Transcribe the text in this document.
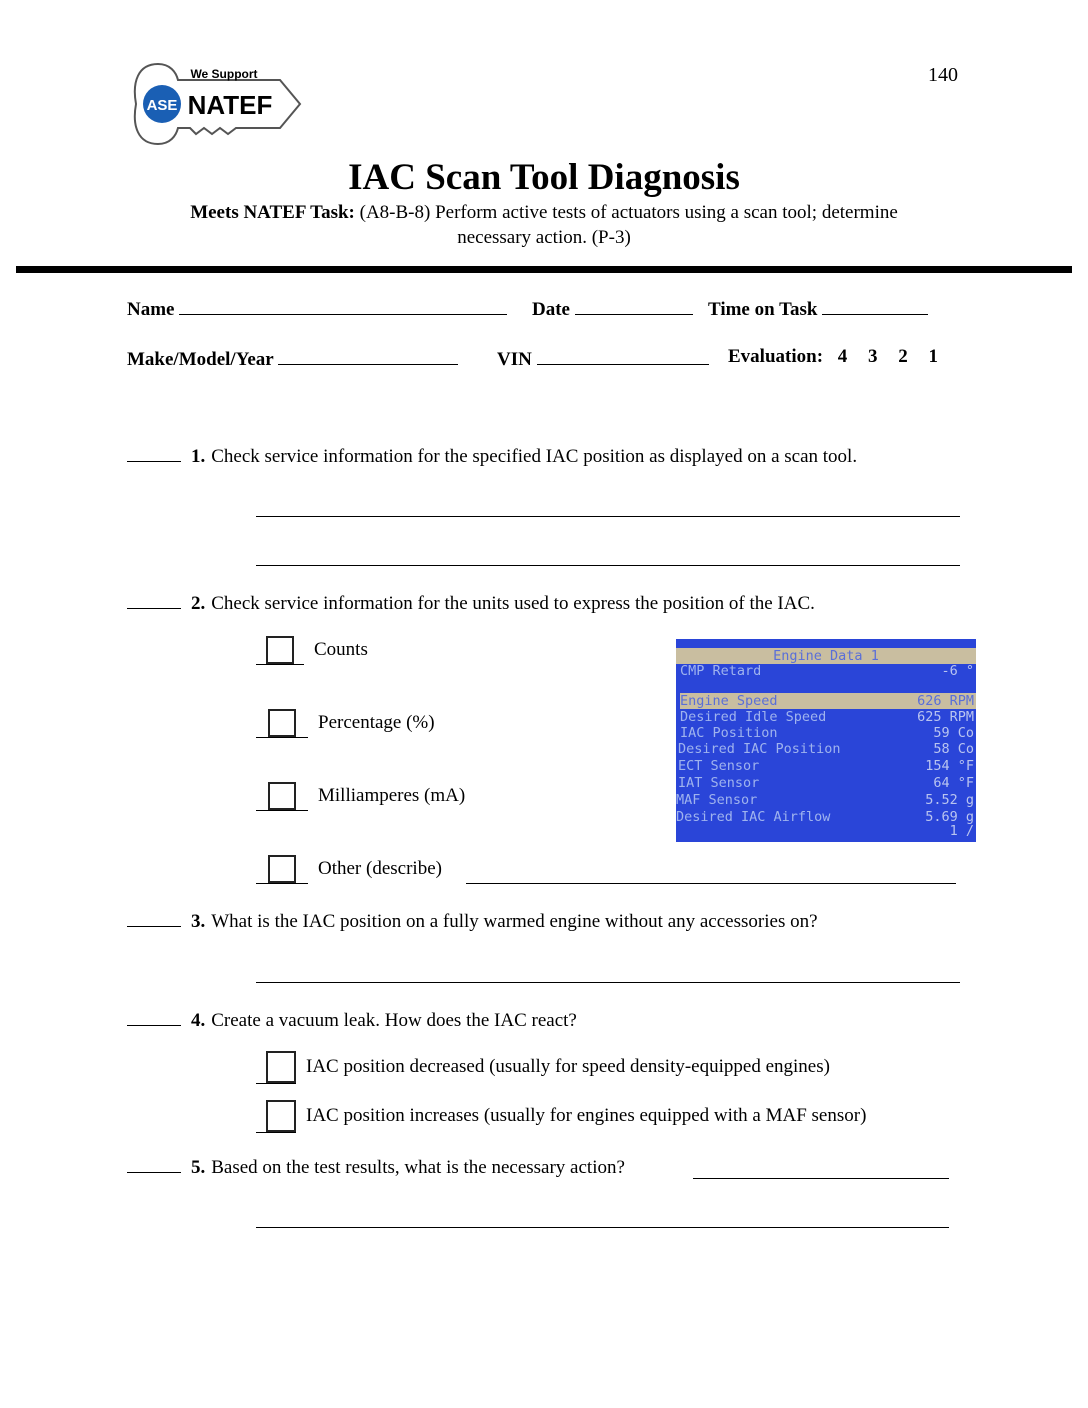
140
ASE
We Support
NATEF
IAC Scan Tool Diagnosis
Meets NATEF Task: (A8-B-8) Perform active tests of actuators using a scan tool; determine
necessary action. (P-3)
Name	Date	Time on Task
Make/Model/Year	VIN	Evaluation: 4 3 2 1
1. Check service information for the specified IAC position as displayed on a scan tool.
2. Check service information for the units used to express the position of the IAC.
Counts
Percentage (%)
Milliamperes (mA)
Other (describe)
Engine Data 1
CMP Retard	-6 °
Engine Speed	626 RPM
Desired Idle Speed	625 RPM
IAC Position	59 Co
Desired IAC Position	58 Co
ECT Sensor	154 °F
IAT Sensor	64 °F
MAF Sensor	5.52 g
Desired IAC Airflow	5.69 g
1 /
3. What is the IAC position on a fully warmed engine without any accessories on?
4. Create a vacuum leak. How does the IAC react?
IAC position decreased (usually for speed density-equipped engines)
IAC position increases (usually for engines equipped with a MAF sensor)
5. Based on the test results, what is the necessary action?
